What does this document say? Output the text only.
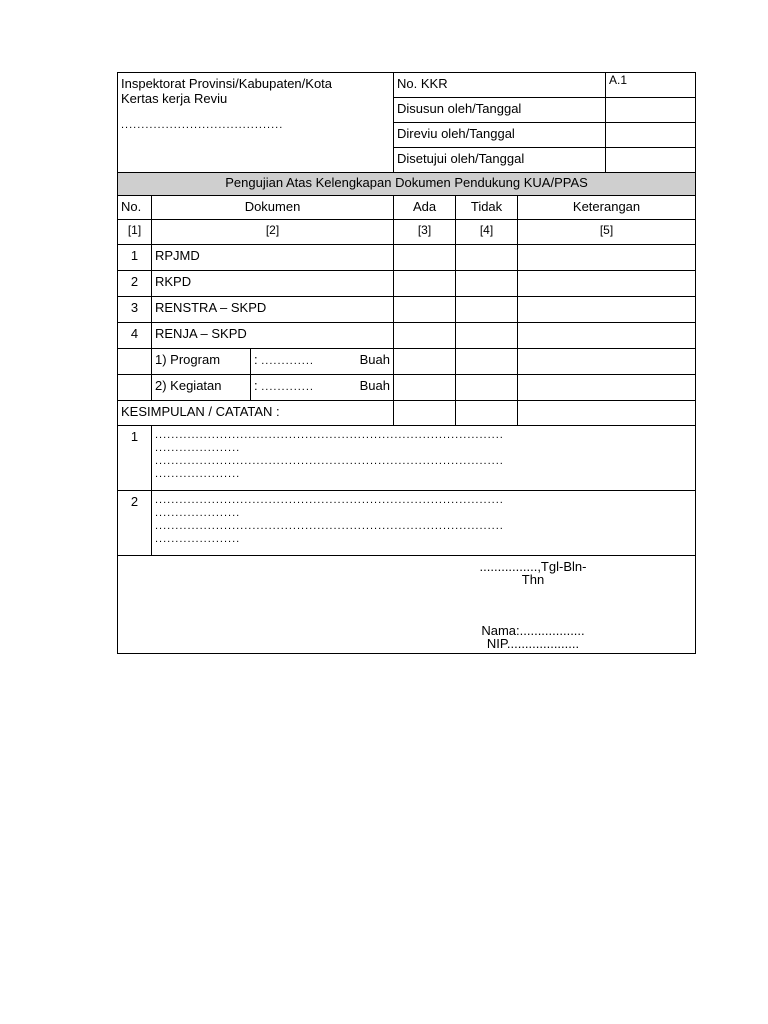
Inspektorat Provinsi/Kabupaten/Kota
Kertas kerja Reviu
........................................			No. KKR			A.1
			Disusun oleh/Tanggal			
			Direviu oleh/Tanggal			
			Disetujui oleh/Tanggal			
Pengujian Atas Kelengkapan Dokumen Pendukung KUA/PPAS						
No.	Dokumen		Ada	Tidak	Keterangan	
[1]	[2]		[3]	[4]	[5]	
1	RPJMD					
2	RKPD					
3	RENSTRA – SKPD					
4	RENJA – SKPD					
	1) Program	: ............. Buah				

	2) Kegiatan	: ............. Buah				

KESIMPULAN / CATATAN :						
1	......................................................................................
.....................
......................................................................................
.....................					

2	......................................................................................
.....................
......................................................................................
.....................					

................,Tgl-Bln-
Thn
Nama:..................
NIP....................						
